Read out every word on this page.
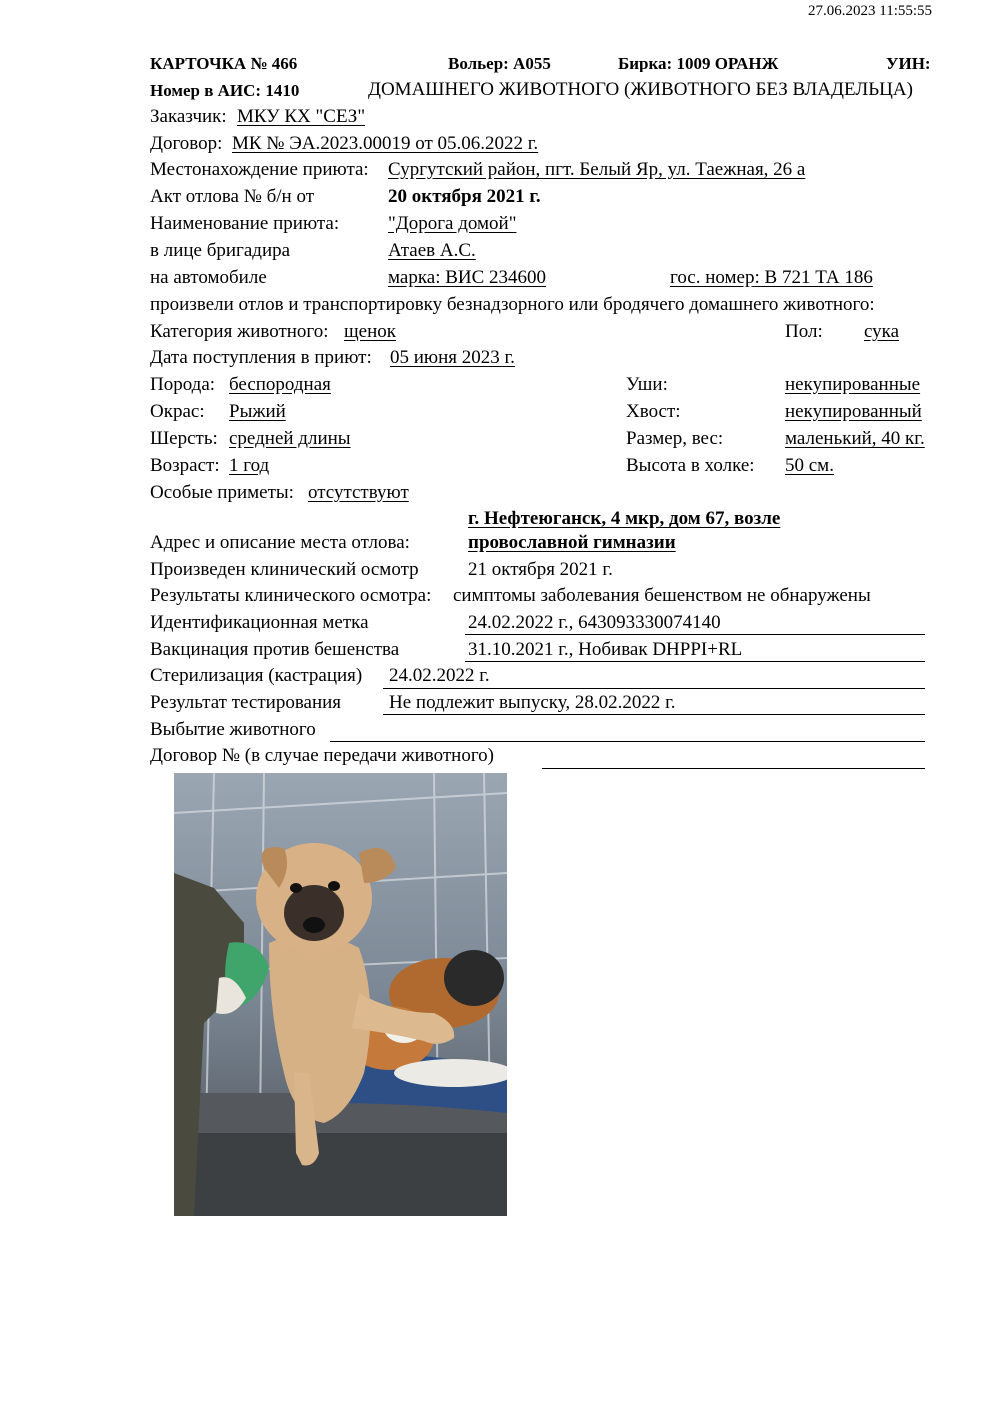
27.06.2023 11:55:55
КАРТОЧКА № 466	Вольер: А055	Бирка: 1009 ОРАНЖ	УИН:
Номер в АИС: 1410	ДОМАШНЕГО ЖИВОТНОГО (ЖИВОТНОГО БЕЗ ВЛАДЕЛЬЦА)
Заказчик: МКУ КХ "СЕЗ"
Договор: МК № ЭА.2023.00019 от 05.06.2022 г.
Местонахождение приюта: Сургутский район, пгт. Белый Яр, ул. Таежная, 26 а
Акт отлова № б/н от	20 октября 2021 г.
Наименование приюта:	"Дорога домой"
в лице бригадира	Атаев А.С.
на автомобиле	марка: ВИС 234600	гос. номер: В 721 ТА 186
произвели отлов и транспортировку безнадзорного или бродячего домашнего животного:
Категория животного: щенок	Пол: сука
Дата поступления в приют: 05 июня 2023 г.
Порода: беспородная	Уши:	некупированные
Окрас: Рыжий	Хвост:	некупированный
Шерсть: средней длины	Размер, вес:	маленький, 40 кг.
Возраст: 1 год	Высота в холке: 50 см.
Особые приметы: отсутствуют
г. Нефтеюганск, 4 мкр, дом 67, возле
Адрес и описание места отлова:	провославной гимназии
Произведен клинический осмотр	21 октября 2021 г.
Результаты клинического осмотра: симптомы заболевания бешенством не обнаружены
Идентификационная метка	24.02.2022 г., 643093330074140
Вакцинация против бешенства	31.10.2021 г., Нобивак DHPPI+RL
Стерилизация (кастрация) 24.02.2022 г.
Результат тестирования	Не подлежит выпуску, 28.02.2022 г.
Выбытие животного
Договор № (в случае передачи животного)
